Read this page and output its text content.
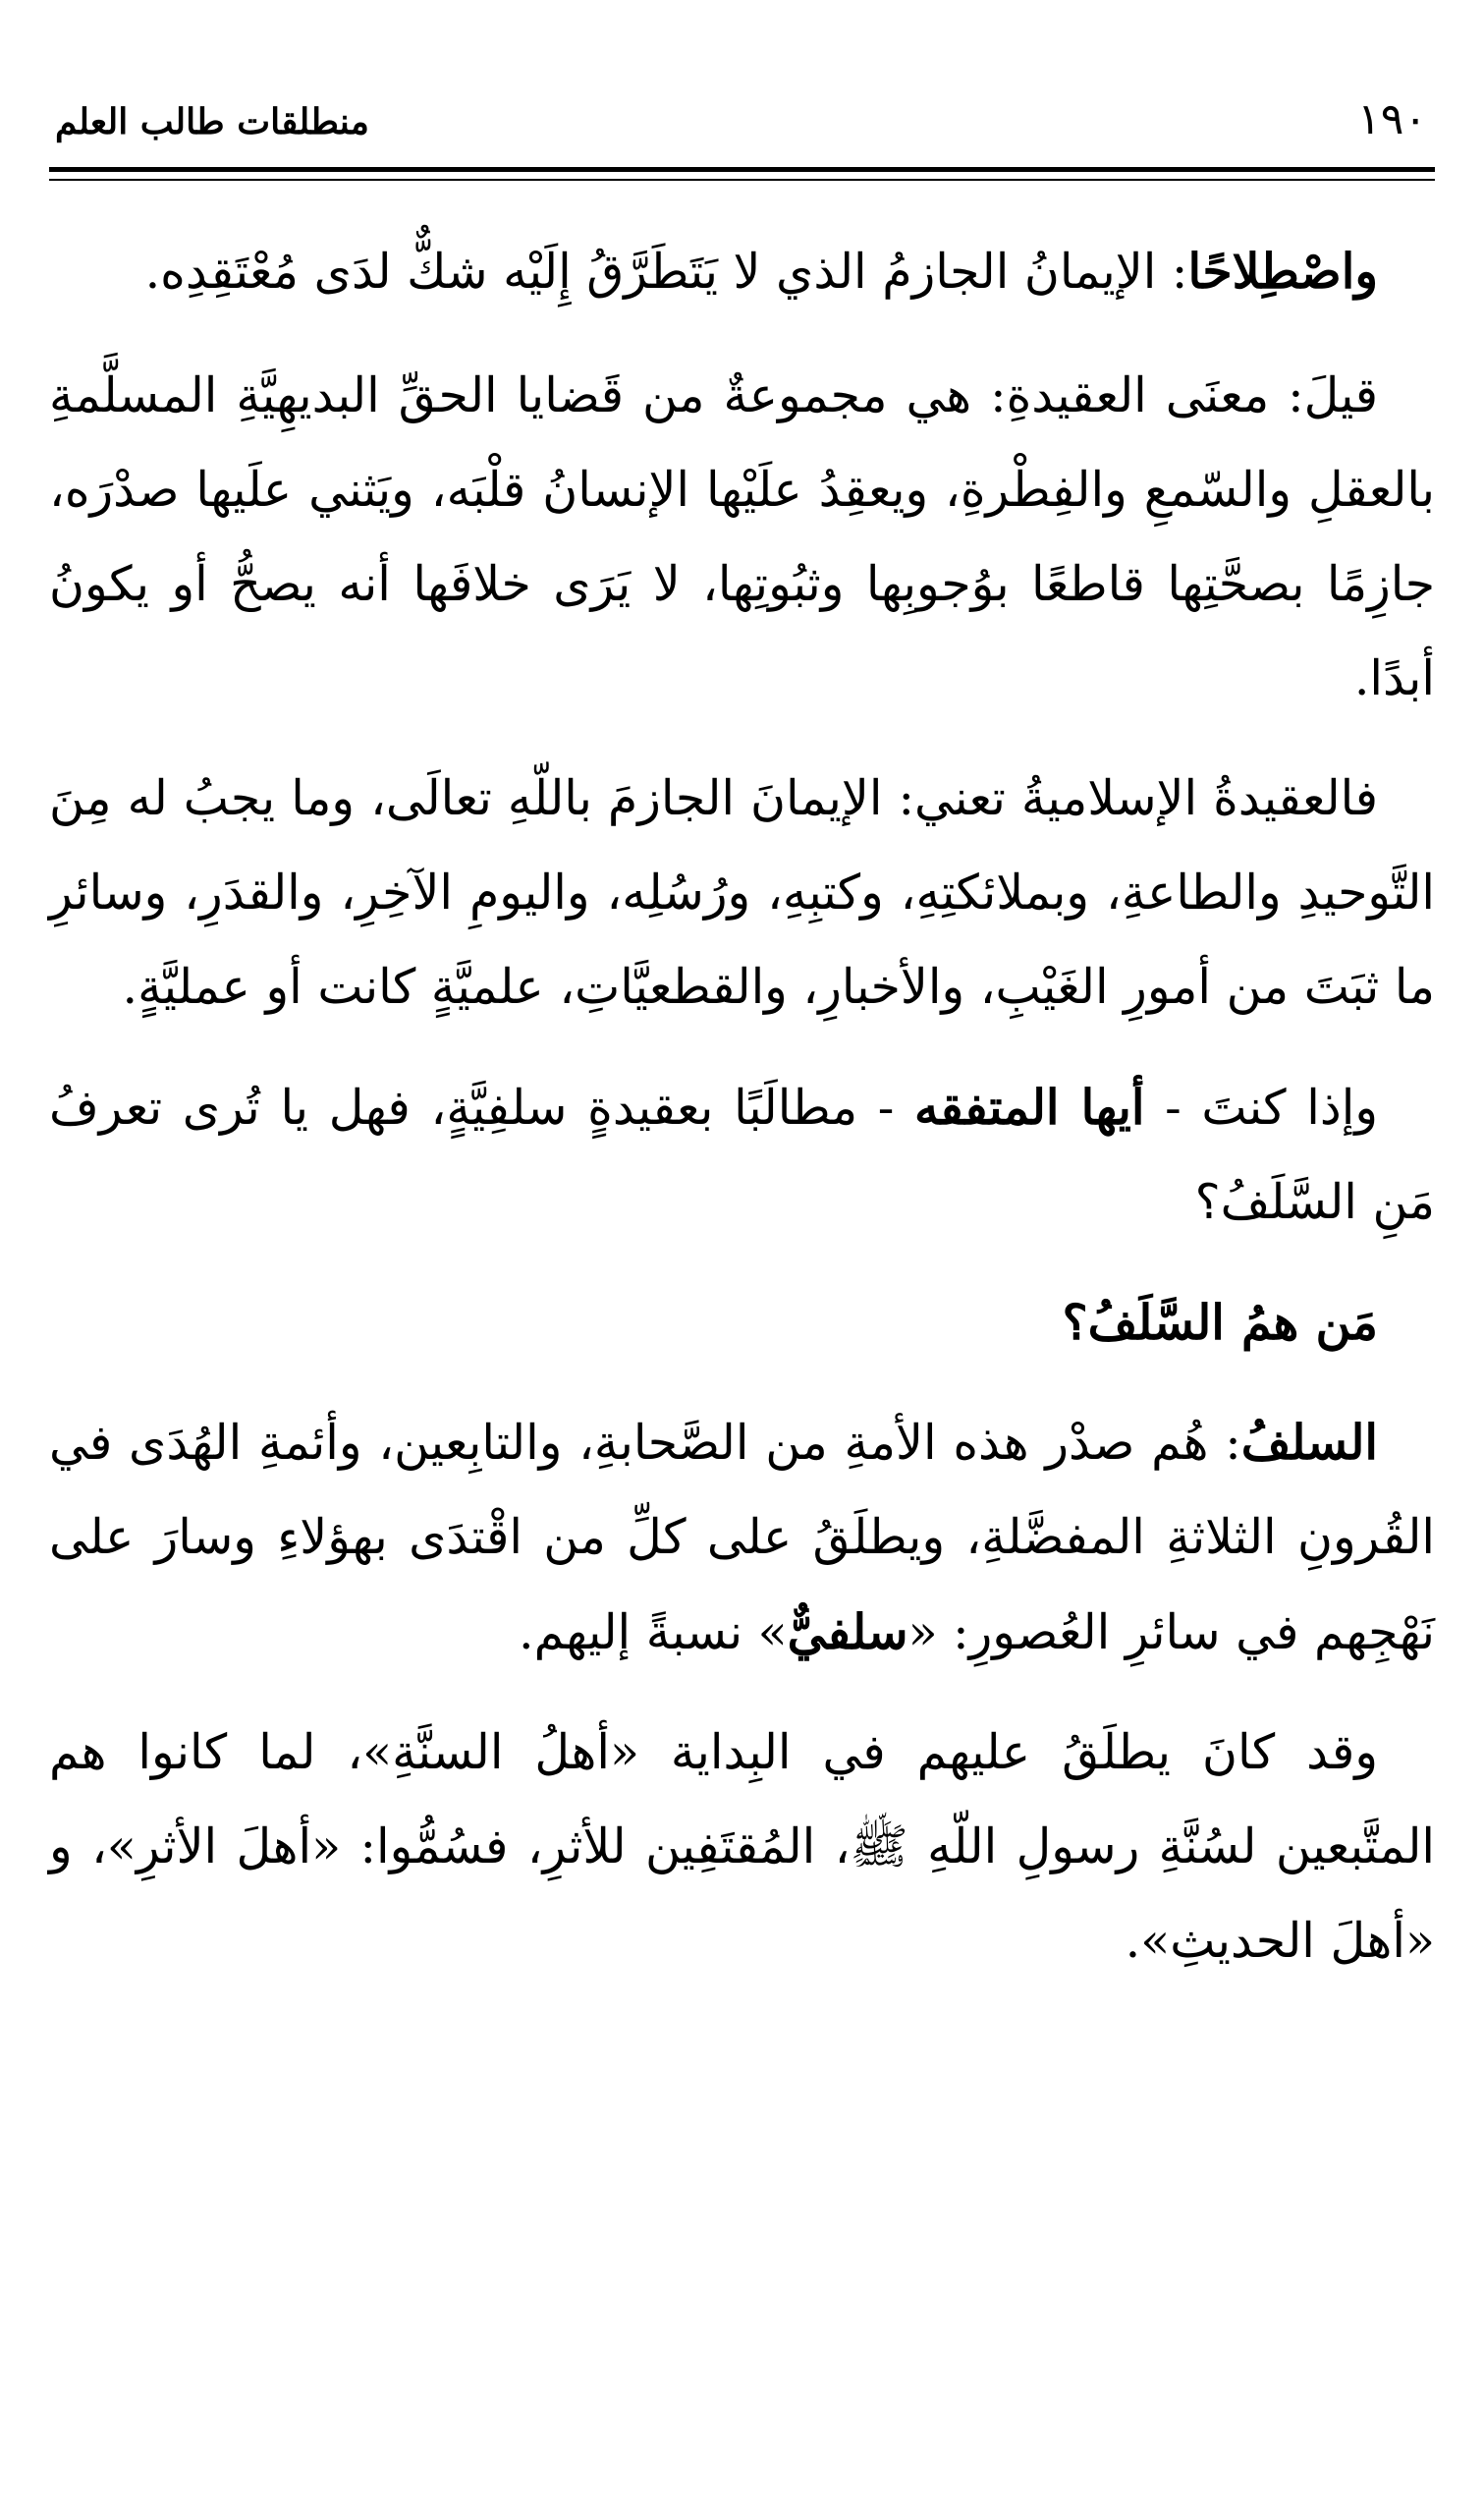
١٩٠
منطلقات طالب العلم

واصْطِلاحًا: الإيمانُ الجازمُ الذي لا يَتَطَرَّقُ إِلَيْه شكٌّ لدَى مُعْتَقِدِه.

قيلَ: معنَى العقيدةِ: هي مجموعةٌ من قَضايا الحقِّ البديهِيَّةِ المسلَّمةِ بالعقلِ والسّمعِ والفِطْرةِ، ويعقِدُ علَيْها الإنسانُ قلْبَه، ويَثني علَيها صدْرَه، جازِمًا بصحَّتِها قاطعًا بوُجوبِها وثبُوتِها، لا يَرَى خلافَها أنه يصحُّ أو يكونُ أبدًا.

فالعقيدةُ الإسلاميةُ تعني: الإيمانَ الجازمَ باللّهِ تعالَى، وما يجبُ له مِنَ التَّوحيدِ والطاعةِ، وبملائكتِهِ، وكتبِهِ، ورُسُلِه، واليومِ الآخِرِ، والقدَرِ، وسائرِ ما ثبَتَ من أمورِ الغَيْبِ، والأخبارِ، والقطعيَّاتِ، علميَّةٍ كانت أو عمليَّةٍ.

وإذا كنتَ - أيها المتفقه - مطالَبًا بعقيدةٍ سلفِيَّةٍ، فهل يا تُرى تعرفُ مَنِ السَّلَفُ؟

مَن همُ السَّلَفُ؟

السلفُ: هُم صدْر هذه الأمةِ من الصَّحابةِ، والتابِعين، وأئمةِ الهُدَى في القُرونِ الثلاثةِ المفضَّلةِ، ويطلَقُ على كلِّ من اقْتدَى بهؤلاءِ وسارَ على نَهْجِهم في سائرِ العُصورِ: «سلفيٌّ» نسبةً إليهم.

وقد كانَ يطلَقُ عليهم في البِداية «أهلُ السنَّةِ»، لما كانوا هم المتَّبعين لسُنَّةِ رسولِ اللّهِ ﷺ، المُقتَفِين للأثرِ، فسُمُّوا: «أهلَ الأثرِ»، و «أهلَ الحديثِ».
